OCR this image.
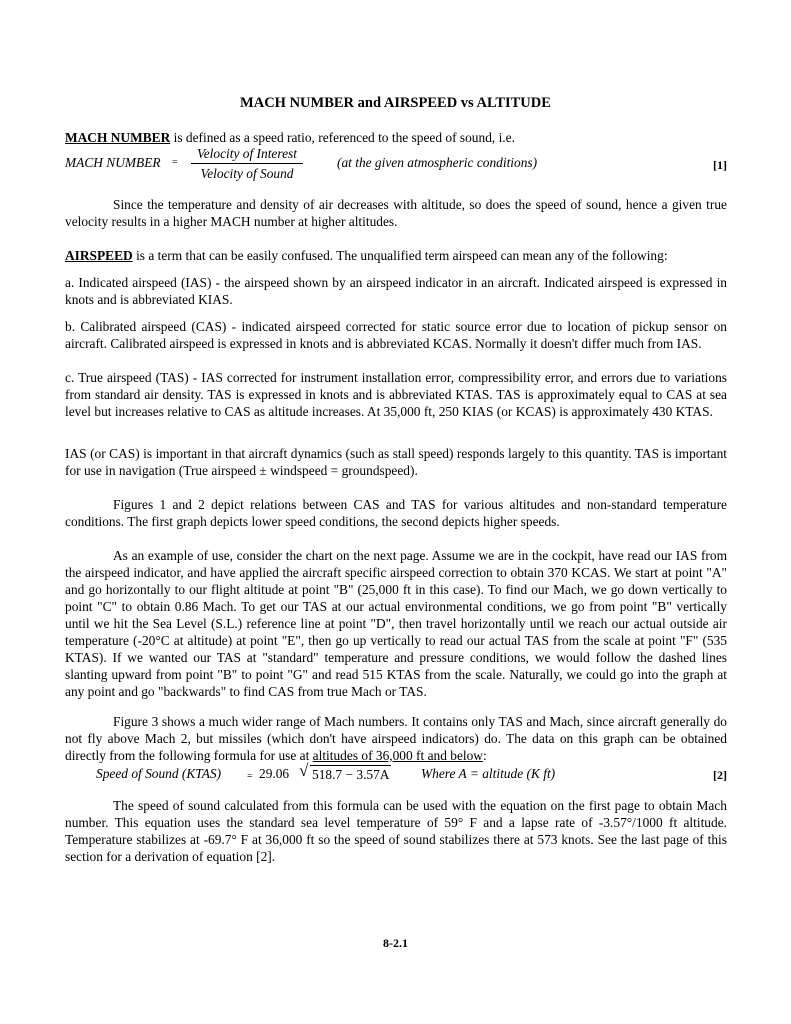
MACH NUMBER and AIRSPEED vs ALTITUDE

MACH NUMBER is defined as a speed ratio, referenced to the speed of sound, i.e.

MACH NUMBER =
Velocity of Interest
Velocity of Sound
(at the given atmospheric conditions)	[1]

Since the temperature and density of air decreases with altitude, so does the speed of sound, hence a given true velocity results in a higher MACH number at higher altitudes.

AIRSPEED is a term that can be easily confused. The unqualified term airspeed can mean any of the following:

a. Indicated airspeed (IAS) - the airspeed shown by an airspeed indicator in an aircraft. Indicated airspeed is expressed in knots and is abbreviated KIAS.

b. Calibrated airspeed (CAS) - indicated airspeed corrected for static source error due to location of pickup sensor on aircraft. Calibrated airspeed is expressed in knots and is abbreviated KCAS. Normally it doesn't differ much from IAS.

c. True airspeed (TAS) - IAS corrected for instrument installation error, compressibility error, and errors due to variations from standard air density. TAS is expressed in knots and is abbreviated KTAS. TAS is approximately equal to CAS at sea level but increases relative to CAS as altitude increases. At 35,000 ft, 250 KIAS (or KCAS) is approximately 430 KTAS.

IAS (or CAS) is important in that aircraft dynamics (such as stall speed) responds largely to this quantity. TAS is important for use in navigation (True airspeed ± windspeed = groundspeed).

Figures 1 and 2 depict relations between CAS and TAS for various altitudes and non-standard temperature conditions. The first graph depicts lower speed conditions, the second depicts higher speeds.

As an example of use, consider the chart on the next page. Assume we are in the cockpit, have read our IAS from the airspeed indicator, and have applied the aircraft specific airspeed correction to obtain 370 KCAS. We start at point "A" and go horizontally to our flight altitude at point "B" (25,000 ft in this case). To find our Mach, we go down vertically to point "C" to obtain 0.86 Mach. To get our TAS at our actual environmental conditions, we go from point "B" vertically until we hit the Sea Level (S.L.) reference line at point "D", then travel horizontally until we reach our actual outside air temperature (-20°C at altitude) at point "E", then go up vertically to read our actual TAS from the scale at point "F" (535 KTAS). If we wanted our TAS at "standard" temperature and pressure conditions, we would follow the dashed lines slanting upward from point "B" to point "G" and read 515 KTAS from the scale. Naturally, we could go into the graph at any point and go "backwards" to find CAS from true Mach or TAS.

Figure 3 shows a much wider range of Mach numbers. It contains only TAS and Mach, since aircraft generally do not fly above Mach 2, but missiles (which don't have airspeed indicators) do. The data on this graph can be obtained directly from the following formula for use at altitudes of 36,000 ft and below:

Speed of Sound (KTAS)	= 29.06 √ 518.7 − 3.57A Where A = altitude (K ft)	[2]

The speed of sound calculated from this formula can be used with the equation on the first page to obtain Mach number. This equation uses the standard sea level temperature of 59° F and a lapse rate of -3.57°/1000 ft altitude. Temperature stabilizes at -69.7° F at 36,000 ft so the speed of sound stabilizes there at 573 knots. See the last page of this section for a derivation of equation [2].

8-2.1
